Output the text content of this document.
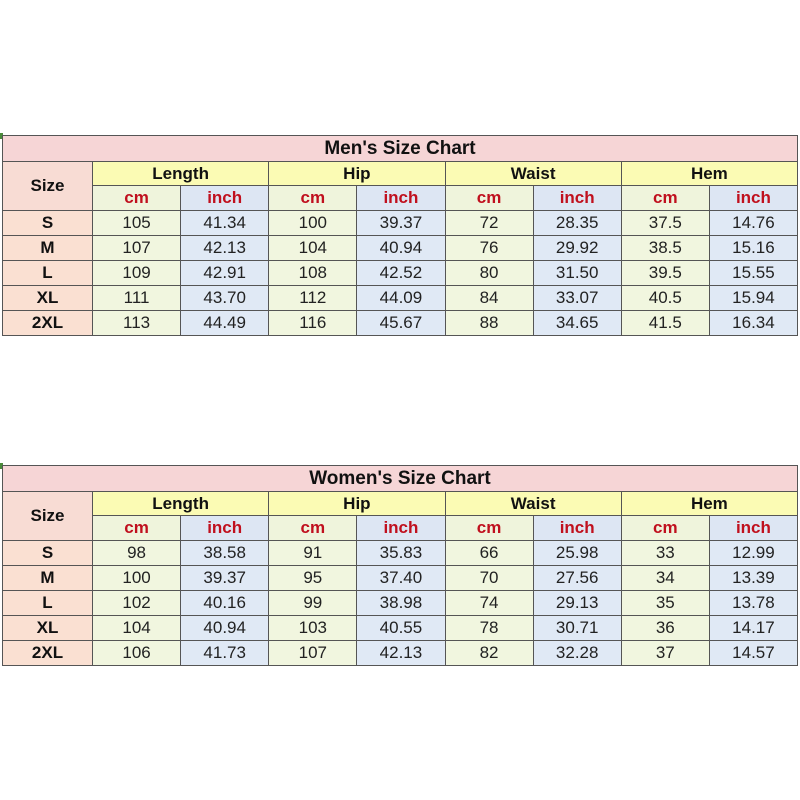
Men's Size Chart								
Size	Length		Hip		Waist		Hem	
	cm	inch	cm	inch	cm	inch	cm	inch
S	105	41.34	100	39.37	72	28.35	37.5	14.76
M	107	42.13	104	40.94	76	29.92	38.5	15.16
L	109	42.91	108	42.52	80	31.50	39.5	15.55
XL	111	43.70	112	44.09	84	33.07	40.5	15.94
2XL	113	44.49	116	45.67	88	34.65	41.5	16.34
Women's Size Chart								
Size	Length		Hip		Waist		Hem	
	cm	inch	cm	inch	cm	inch	cm	inch
S	98	38.58	91	35.83	66	25.98	33	12.99
M	100	39.37	95	37.40	70	27.56	34	13.39
L	102	40.16	99	38.98	74	29.13	35	13.78
XL	104	40.94	103	40.55	78	30.71	36	14.17
2XL	106	41.73	107	42.13	82	32.28	37	14.57
